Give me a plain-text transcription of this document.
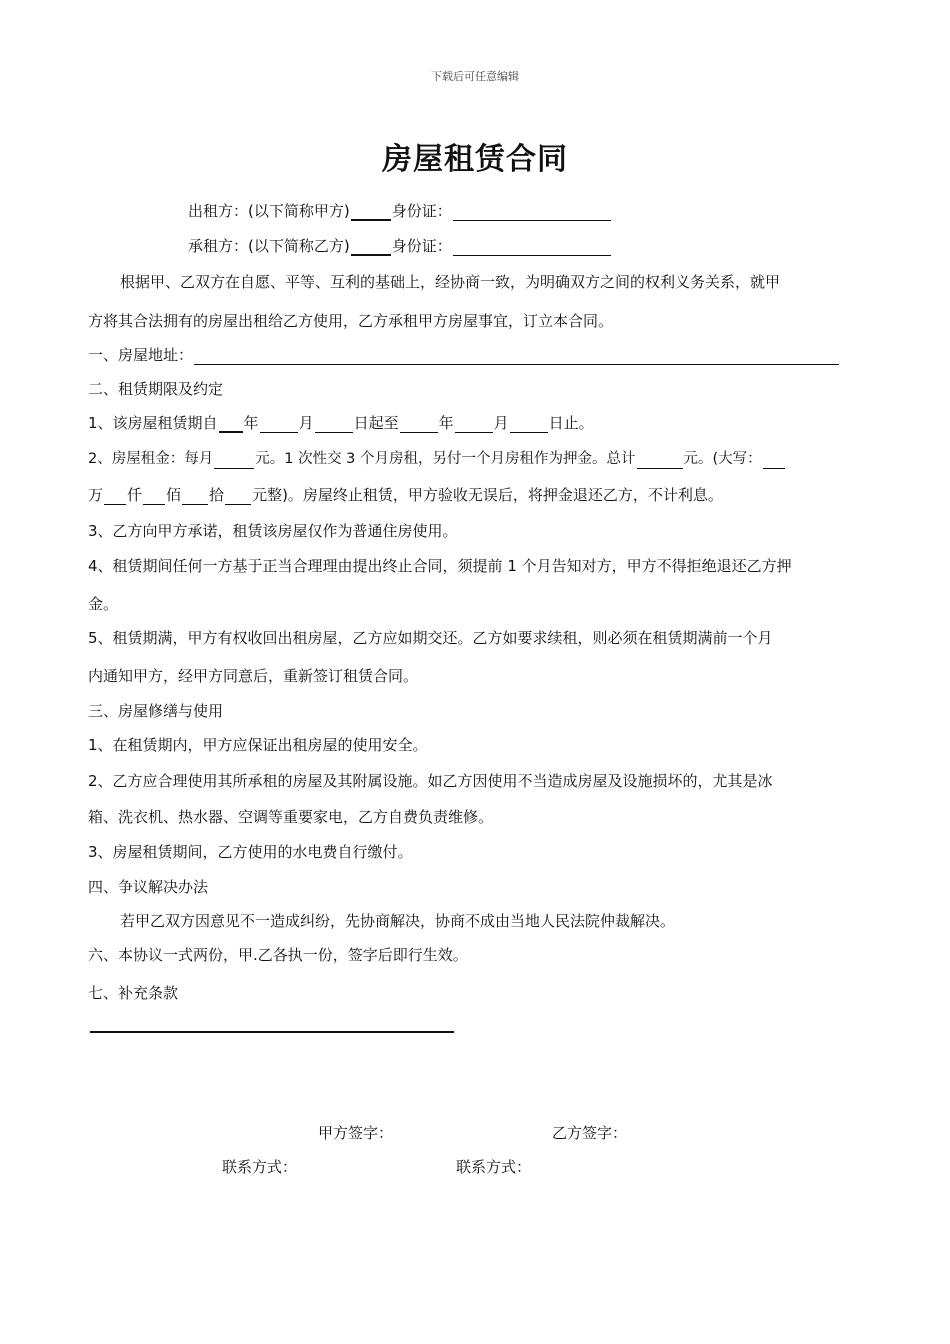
下载后可任意编辑
房屋租赁合同
出租方：(以下简称甲方)	身份证：
承租方：(以下简称乙方)	身份证：
根据甲、乙双方在自愿、平等、互利的基础上，经协商一致，为明确双方之间的权利义务关系，就甲
方将其合法拥有的房屋出租给乙方使用，乙方承租甲方房屋事宜，订立本合同。
一、房屋地址：
二、租赁期限及约定
1、该房屋租赁期自 年	月	日起至	年	月	日止。
2、房屋租金：每月	元。1 次性交 3 个月房租，另付一个月房租作为押金。总计	元。(大写：
万 仟 佰 拾 元整)。房屋终止租赁，甲方验收无误后，将押金退还乙方，不计利息。
3、乙方向甲方承诺，租赁该房屋仅作为普通住房使用。
4、租赁期间任何一方基于正当合理理由提出终止合同，须提前 1 个月告知对方，甲方不得拒绝退还乙方押
金。
5、租赁期满，甲方有权收回出租房屋，乙方应如期交还。乙方如要求续租，则必须在租赁期满前一个月
内通知甲方，经甲方同意后，重新签订租赁合同。
三、房屋修缮与使用
1、在租赁期内，甲方应保证出租房屋的使用安全。
2、乙方应合理使用其所承租的房屋及其附属设施。如乙方因使用不当造成房屋及设施损坏的，尤其是冰
箱、洗衣机、热水器、空调等重要家电，乙方自费负责维修。
3、房屋租赁期间，乙方使用的水电费自行缴付。
四、争议解决办法
若甲乙双方因意见不一造成纠纷，先协商解决，协商不成由当地人民法院仲裁解决。
六、本协议一式两份，甲.乙各执一份，签字后即行生效。
七、补充条款
甲方签字：	乙方签字：
联系方式：	联系方式：
